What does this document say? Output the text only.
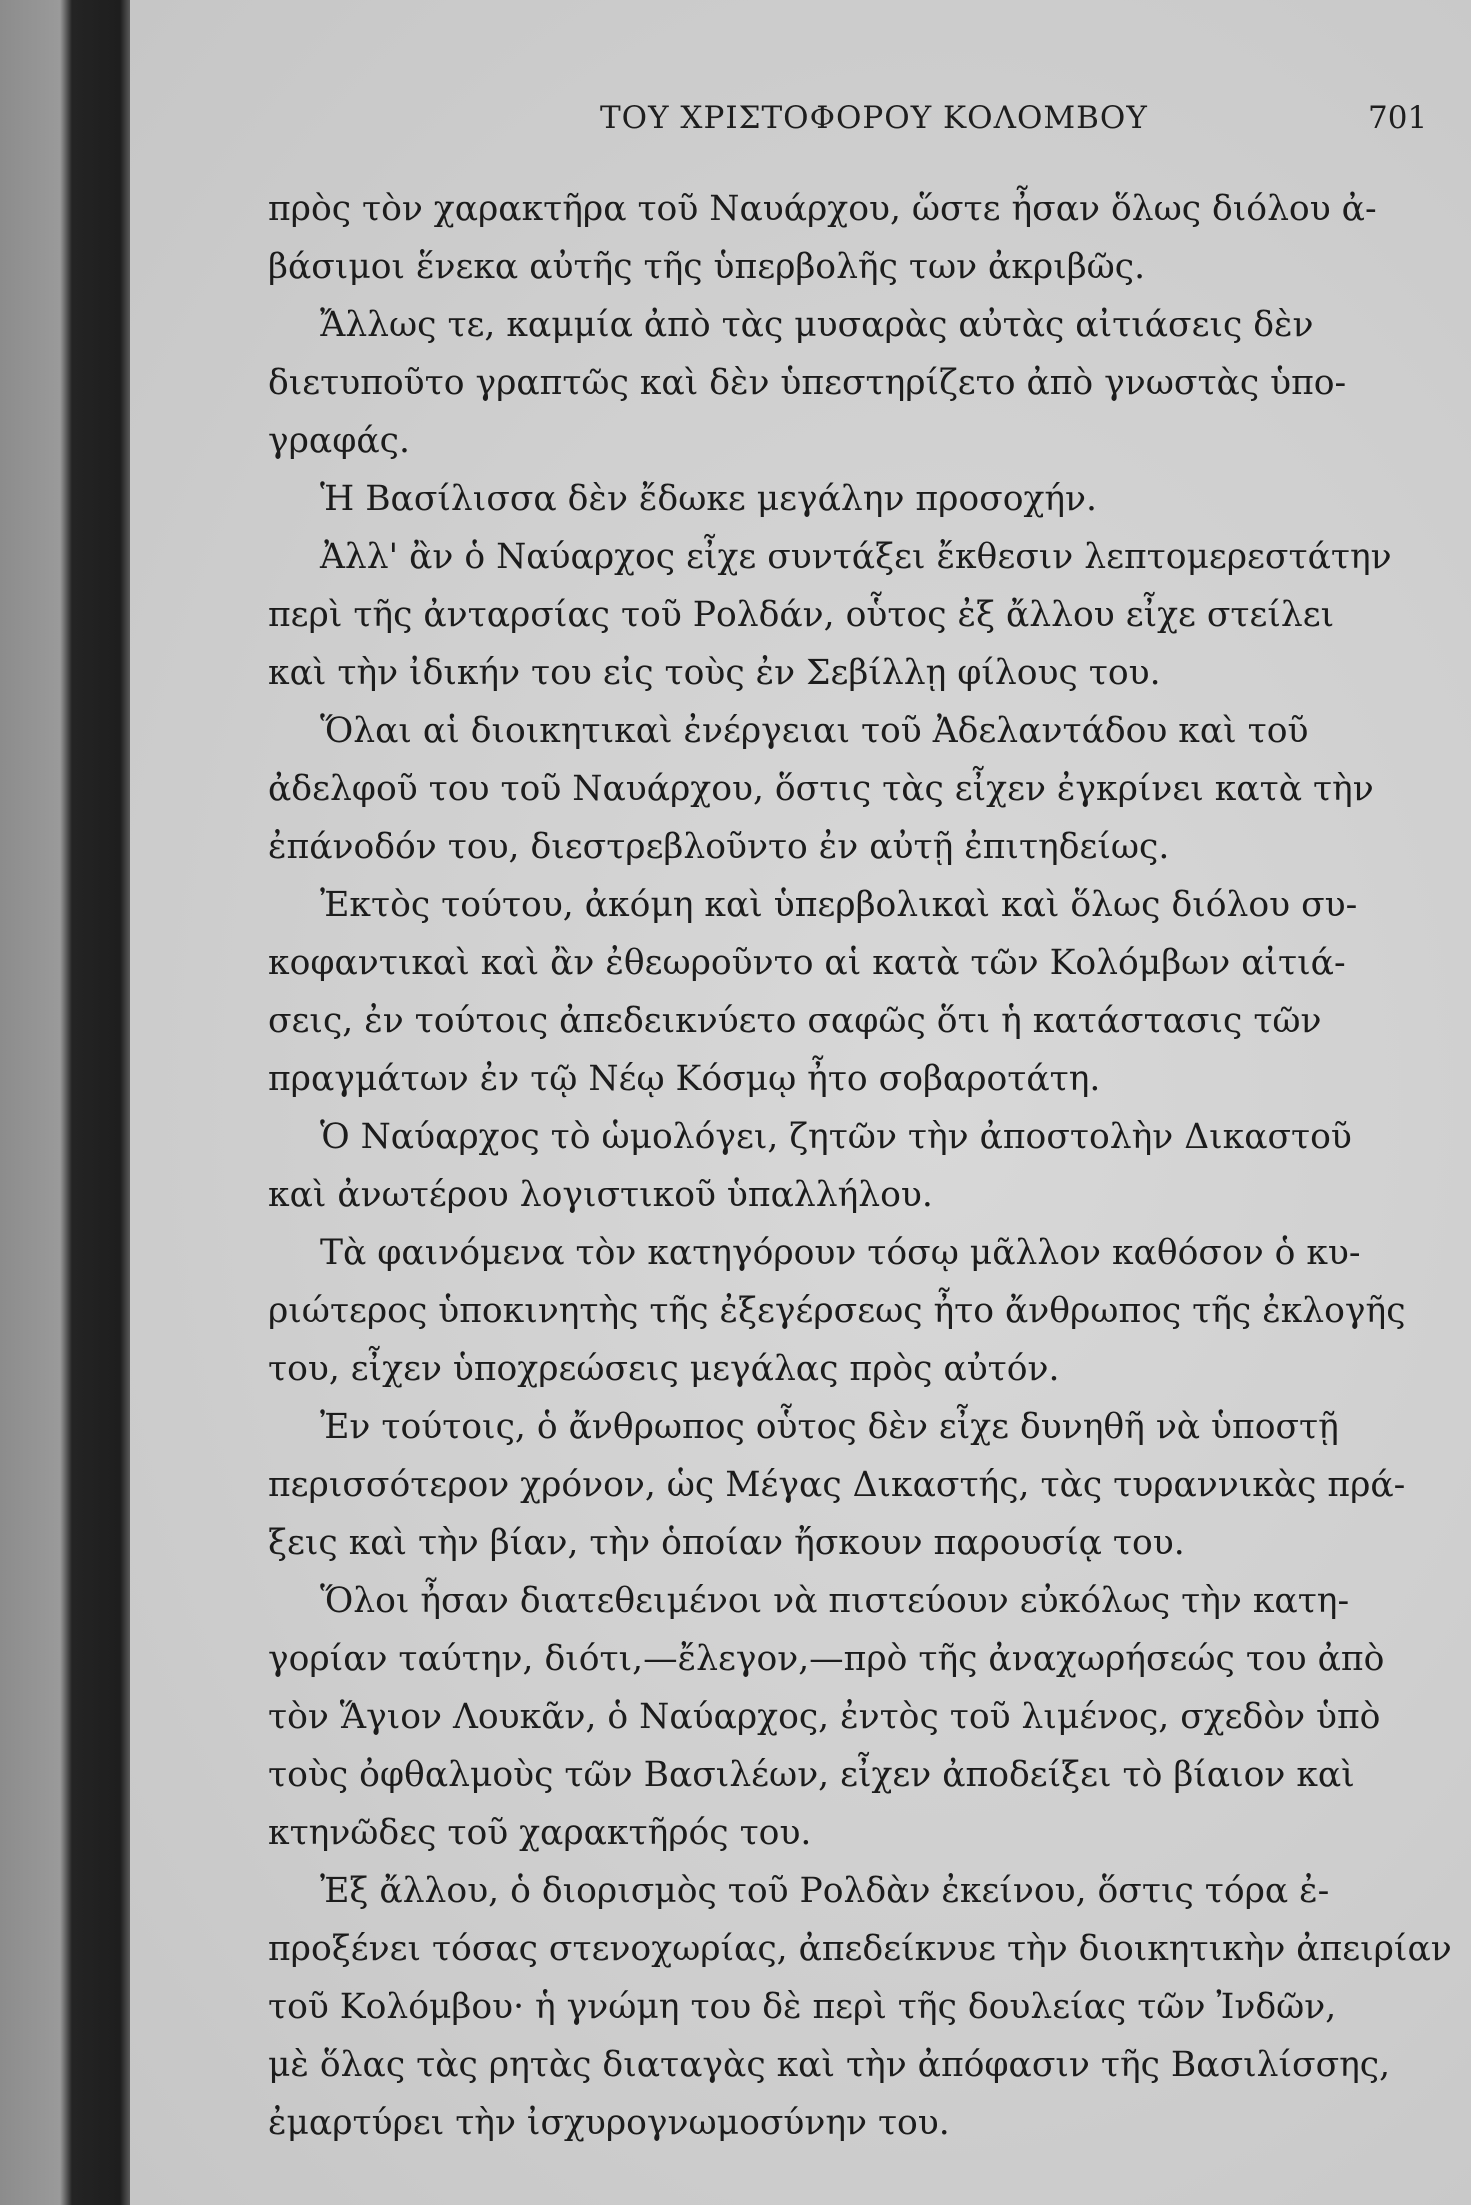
ΤΟΥ ΧΡΙΣΤΟΦΟΡΟΥ ΚΟΛΟΜΒΟΥ	701
πρὸς τὸν χαρακτῆρα τοῦ Ναυάρχου, ὥστε ἦσαν ὅλως διόλου ἀ-
βάσιμοι ἕνεκα αὐτῆς τῆς ὑπερβολῆς των ἀκριβῶς.
Ἄλλως τε, καμμία ἀπὸ τὰς μυσαρὰς αὐτὰς αἰτιάσεις δὲν
διετυποῦτο γραπτῶς καὶ δὲν ὑπεστηρίζετο ἀπὸ γνωστὰς ὑπο-
γραφάς.
Ἡ Βασίλισσα δὲν ἔδωκε μεγάλην προσοχήν.
Ἀλλ' ἂν ὁ Ναύαρχος εἶχε συντάξει ἔκθεσιν λεπτομερεστάτην
περὶ τῆς ἀνταρσίας τοῦ Ρολδάν, οὗτος ἐξ ἄλλου εἶχε στείλει
καὶ τὴν ἰδικήν του εἰς τοὺς ἐν Σεβίλλῃ φίλους του.
Ὅλαι αἱ διοικητικαὶ ἐνέργειαι τοῦ Ἀδελαντάδου καὶ τοῦ
ἀδελφοῦ του τοῦ Ναυάρχου, ὅστις τὰς εἶχεν ἐγκρίνει κατὰ τὴν
ἐπάνοδόν του, διεστρεβλοῦντο ἐν αὐτῇ ἐπιτηδείως.
Ἐκτὸς τούτου, ἀκόμη καὶ ὑπερβολικαὶ καὶ ὅλως διόλου συ-
κοφαντικαὶ καὶ ἂν ἐθεωροῦντο αἱ κατὰ τῶν Κολόμβων αἰτιά-
σεις, ἐν τούτοις ἀπεδεικνύετο σαφῶς ὅτι ἡ κατάστασις τῶν
πραγμάτων ἐν τῷ Νέῳ Κόσμῳ ἦτο σοβαροτάτη.
Ὁ Ναύαρχος τὸ ὡμολόγει, ζητῶν τὴν ἀποστολὴν Δικαστοῦ
καὶ ἀνωτέρου λογιστικοῦ ὑπαλλήλου.
Τὰ φαινόμενα τὸν κατηγόρουν τόσῳ μᾶλλον καθόσον ὁ κυ-
ριώτερος ὑποκινητὴς τῆς ἐξεγέρσεως ἦτο ἄνθρωπος τῆς ἐκλογῆς
του, εἶχεν ὑποχρεώσεις μεγάλας πρὸς αὐτόν.
Ἐν τούτοις, ὁ ἄνθρωπος οὗτος δὲν εἶχε δυνηθῆ νὰ ὑποστῇ
περισσότερον χρόνον, ὡς Μέγας Δικαστής, τὰς τυραννικὰς πρά-
ξεις καὶ τὴν βίαν, τὴν ὁποίαν ἤσκουν παρουσίᾳ του.
Ὅλοι ἦσαν διατεθειμένοι νὰ πιστεύουν εὐκόλως τὴν κατη-
γορίαν ταύτην, διότι,—ἔλεγον,—πρὸ τῆς ἀναχωρήσεώς του ἀπὸ
τὸν Ἅγιον Λουκᾶν, ὁ Ναύαρχος, ἐντὸς τοῦ λιμένος, σχεδὸν ὑπὸ
τοὺς ὀφθαλμοὺς τῶν Βασιλέων, εἶχεν ἀποδείξει τὸ βίαιον καὶ
κτηνῶδες τοῦ χαρακτῆρός του.
Ἐξ ἄλλου, ὁ διορισμὸς τοῦ Ρολδὰν ἐκείνου, ὅστις τόρα ἐ-
προξένει τόσας στενοχωρίας, ἀπεδείκνυε τὴν διοικητικὴν ἀπειρίαν
τοῦ Κολόμβου· ἡ γνώμη του δὲ περὶ τῆς δουλείας τῶν Ἰνδῶν,
μὲ ὅλας τὰς ρητὰς διαταγὰς καὶ τὴν ἀπόφασιν τῆς Βασιλίσσης,
ἐμαρτύρει τὴν ἰσχυρογνωμοσύνην του.
